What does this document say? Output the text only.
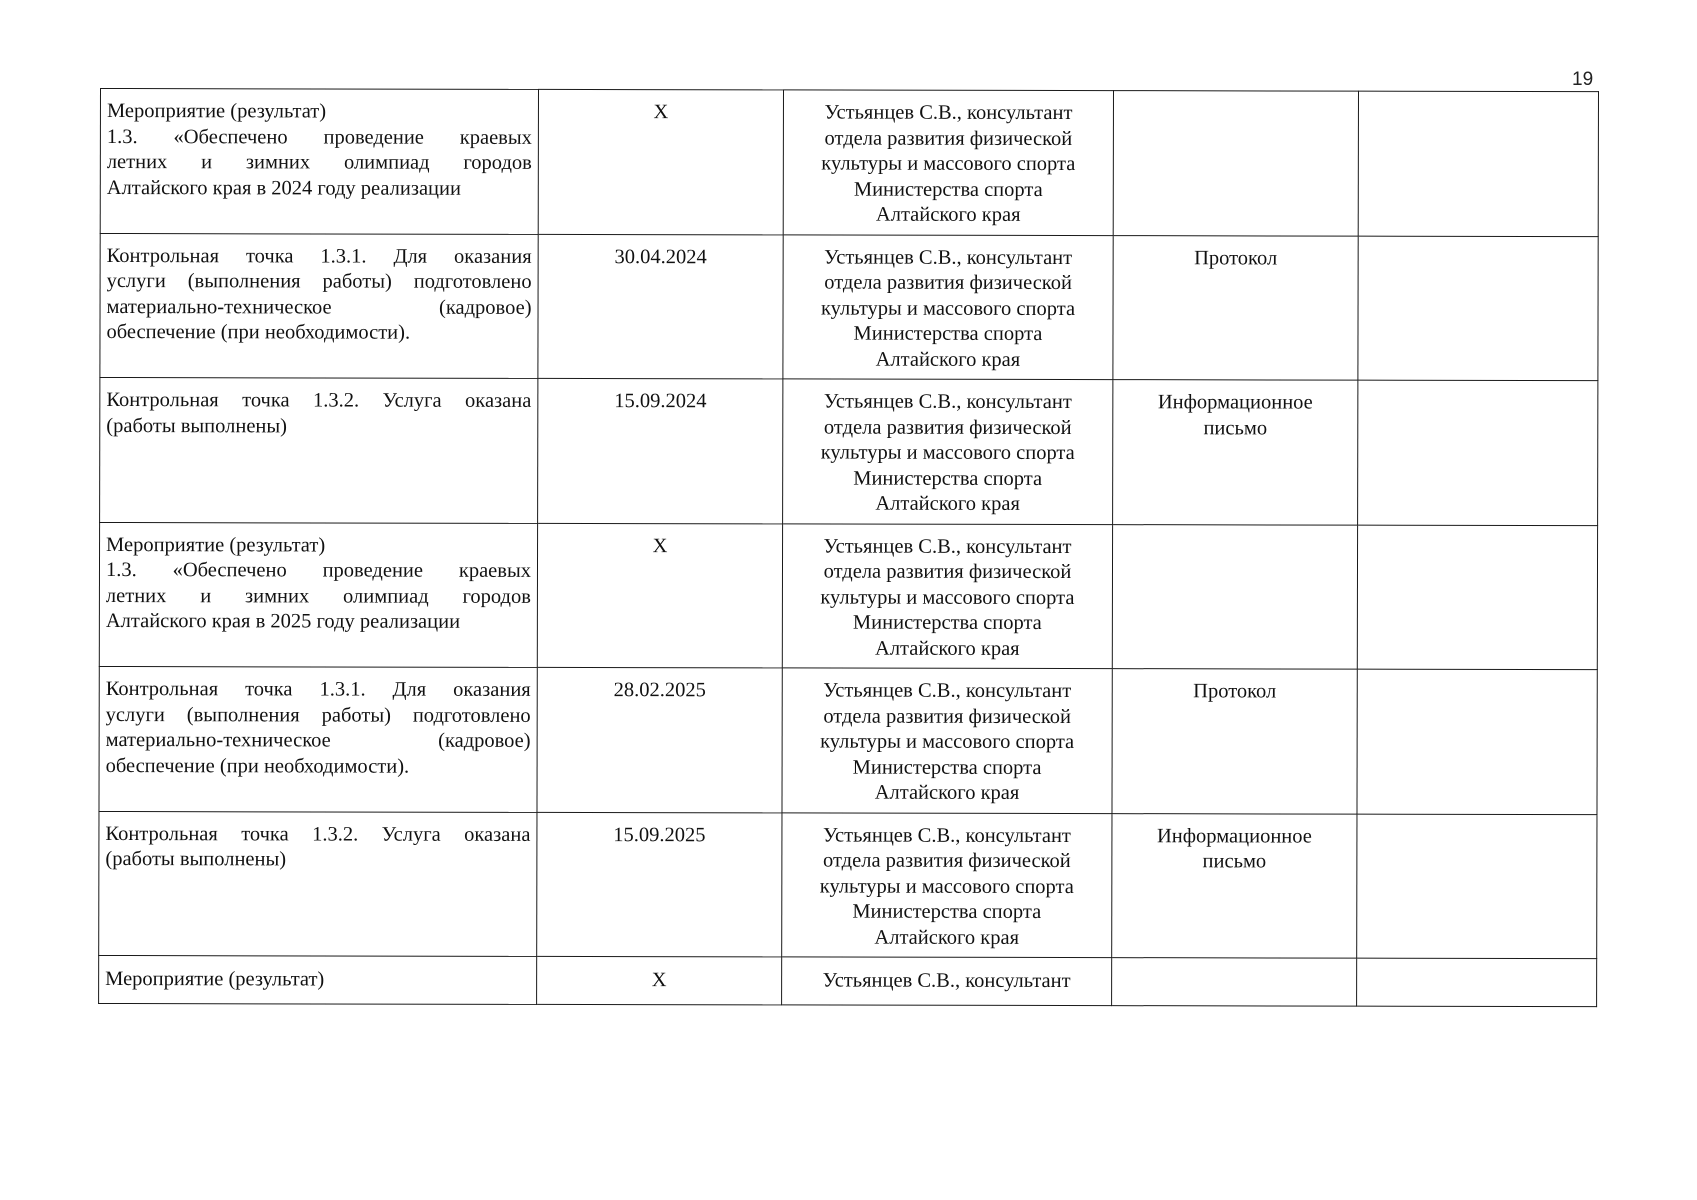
19
Мероприятие (результат)
1.3. «Обеспечено проведение краевых
летних и зимних олимпиад городов
Алтайского края в 2024 году реализации	X	Устьянцев С.В., консультант
отдела развития физической
культуры и массового спорта
Министерства спорта
Алтайского края		

Контрольная точка 1.3.1. Для оказания
услуги (выполнения работы) подготовлено
материально-техническое (кадровое)
обеспечение (при необходимости).	30.04.2024	Устьянцев С.В., консультант
отдела развития физической
культуры и массового спорта
Министерства спорта
Алтайского края	Протокол	

Контрольная точка 1.3.2. Услуга оказана
(работы выполнены)	15.09.2024	Устьянцев С.В., консультант
отдела развития физической
культуры и массового спорта
Министерства спорта
Алтайского края	Информационное
письмо	

Мероприятие (результат)
1.3. «Обеспечено проведение краевых
летних и зимних олимпиад городов
Алтайского края в 2025 году реализации	X	Устьянцев С.В., консультант
отдела развития физической
культуры и массового спорта
Министерства спорта
Алтайского края		

Контрольная точка 1.3.1. Для оказания
услуги (выполнения работы) подготовлено
материально-техническое (кадровое)
обеспечение (при необходимости).	28.02.2025	Устьянцев С.В., консультант
отдела развития физической
культуры и массового спорта
Министерства спорта
Алтайского края	Протокол	

Контрольная точка 1.3.2. Услуга оказана
(работы выполнены)	15.09.2025	Устьянцев С.В., консультант
отдела развития физической
культуры и массового спорта
Министерства спорта
Алтайского края	Информационное
письмо	

Мероприятие (результат)	X	Устьянцев С.В., консультант		
